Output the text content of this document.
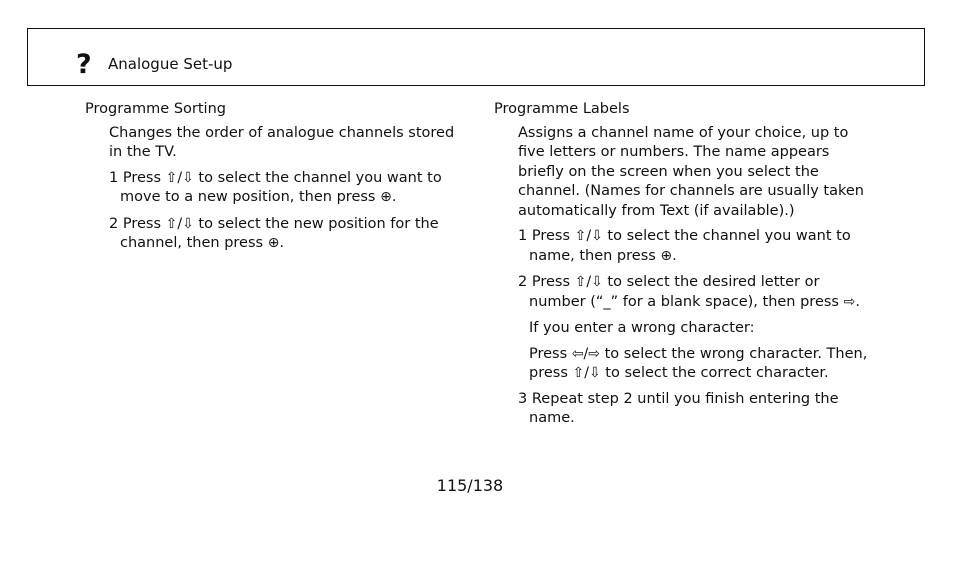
? Analogue Set-up
Programme Sorting
Changes the order of analogue channels stored in the TV.
1 Press ⇧/⇩ to select the channel you want to move to a new position, then press ⊕.
2 Press ⇧/⇩ to select the new position for the channel, then press ⊕.
Programme Labels
Assigns a channel name of your choice, up to five letters or numbers. The name appears briefly on the screen when you select the channel. (Names for channels are usually taken automatically from Text (if available).)
1 Press ⇧/⇩ to select the channel you want to name, then press ⊕.
2 Press ⇧/⇩ to select the desired letter or number (“_” for a blank space), then press ⇨.
If you enter a wrong character:
Press ⇦/⇨ to select the wrong character. Then, press ⇧/⇩ to select the correct character.
3 Repeat step 2 until you finish entering the name.
115/138
